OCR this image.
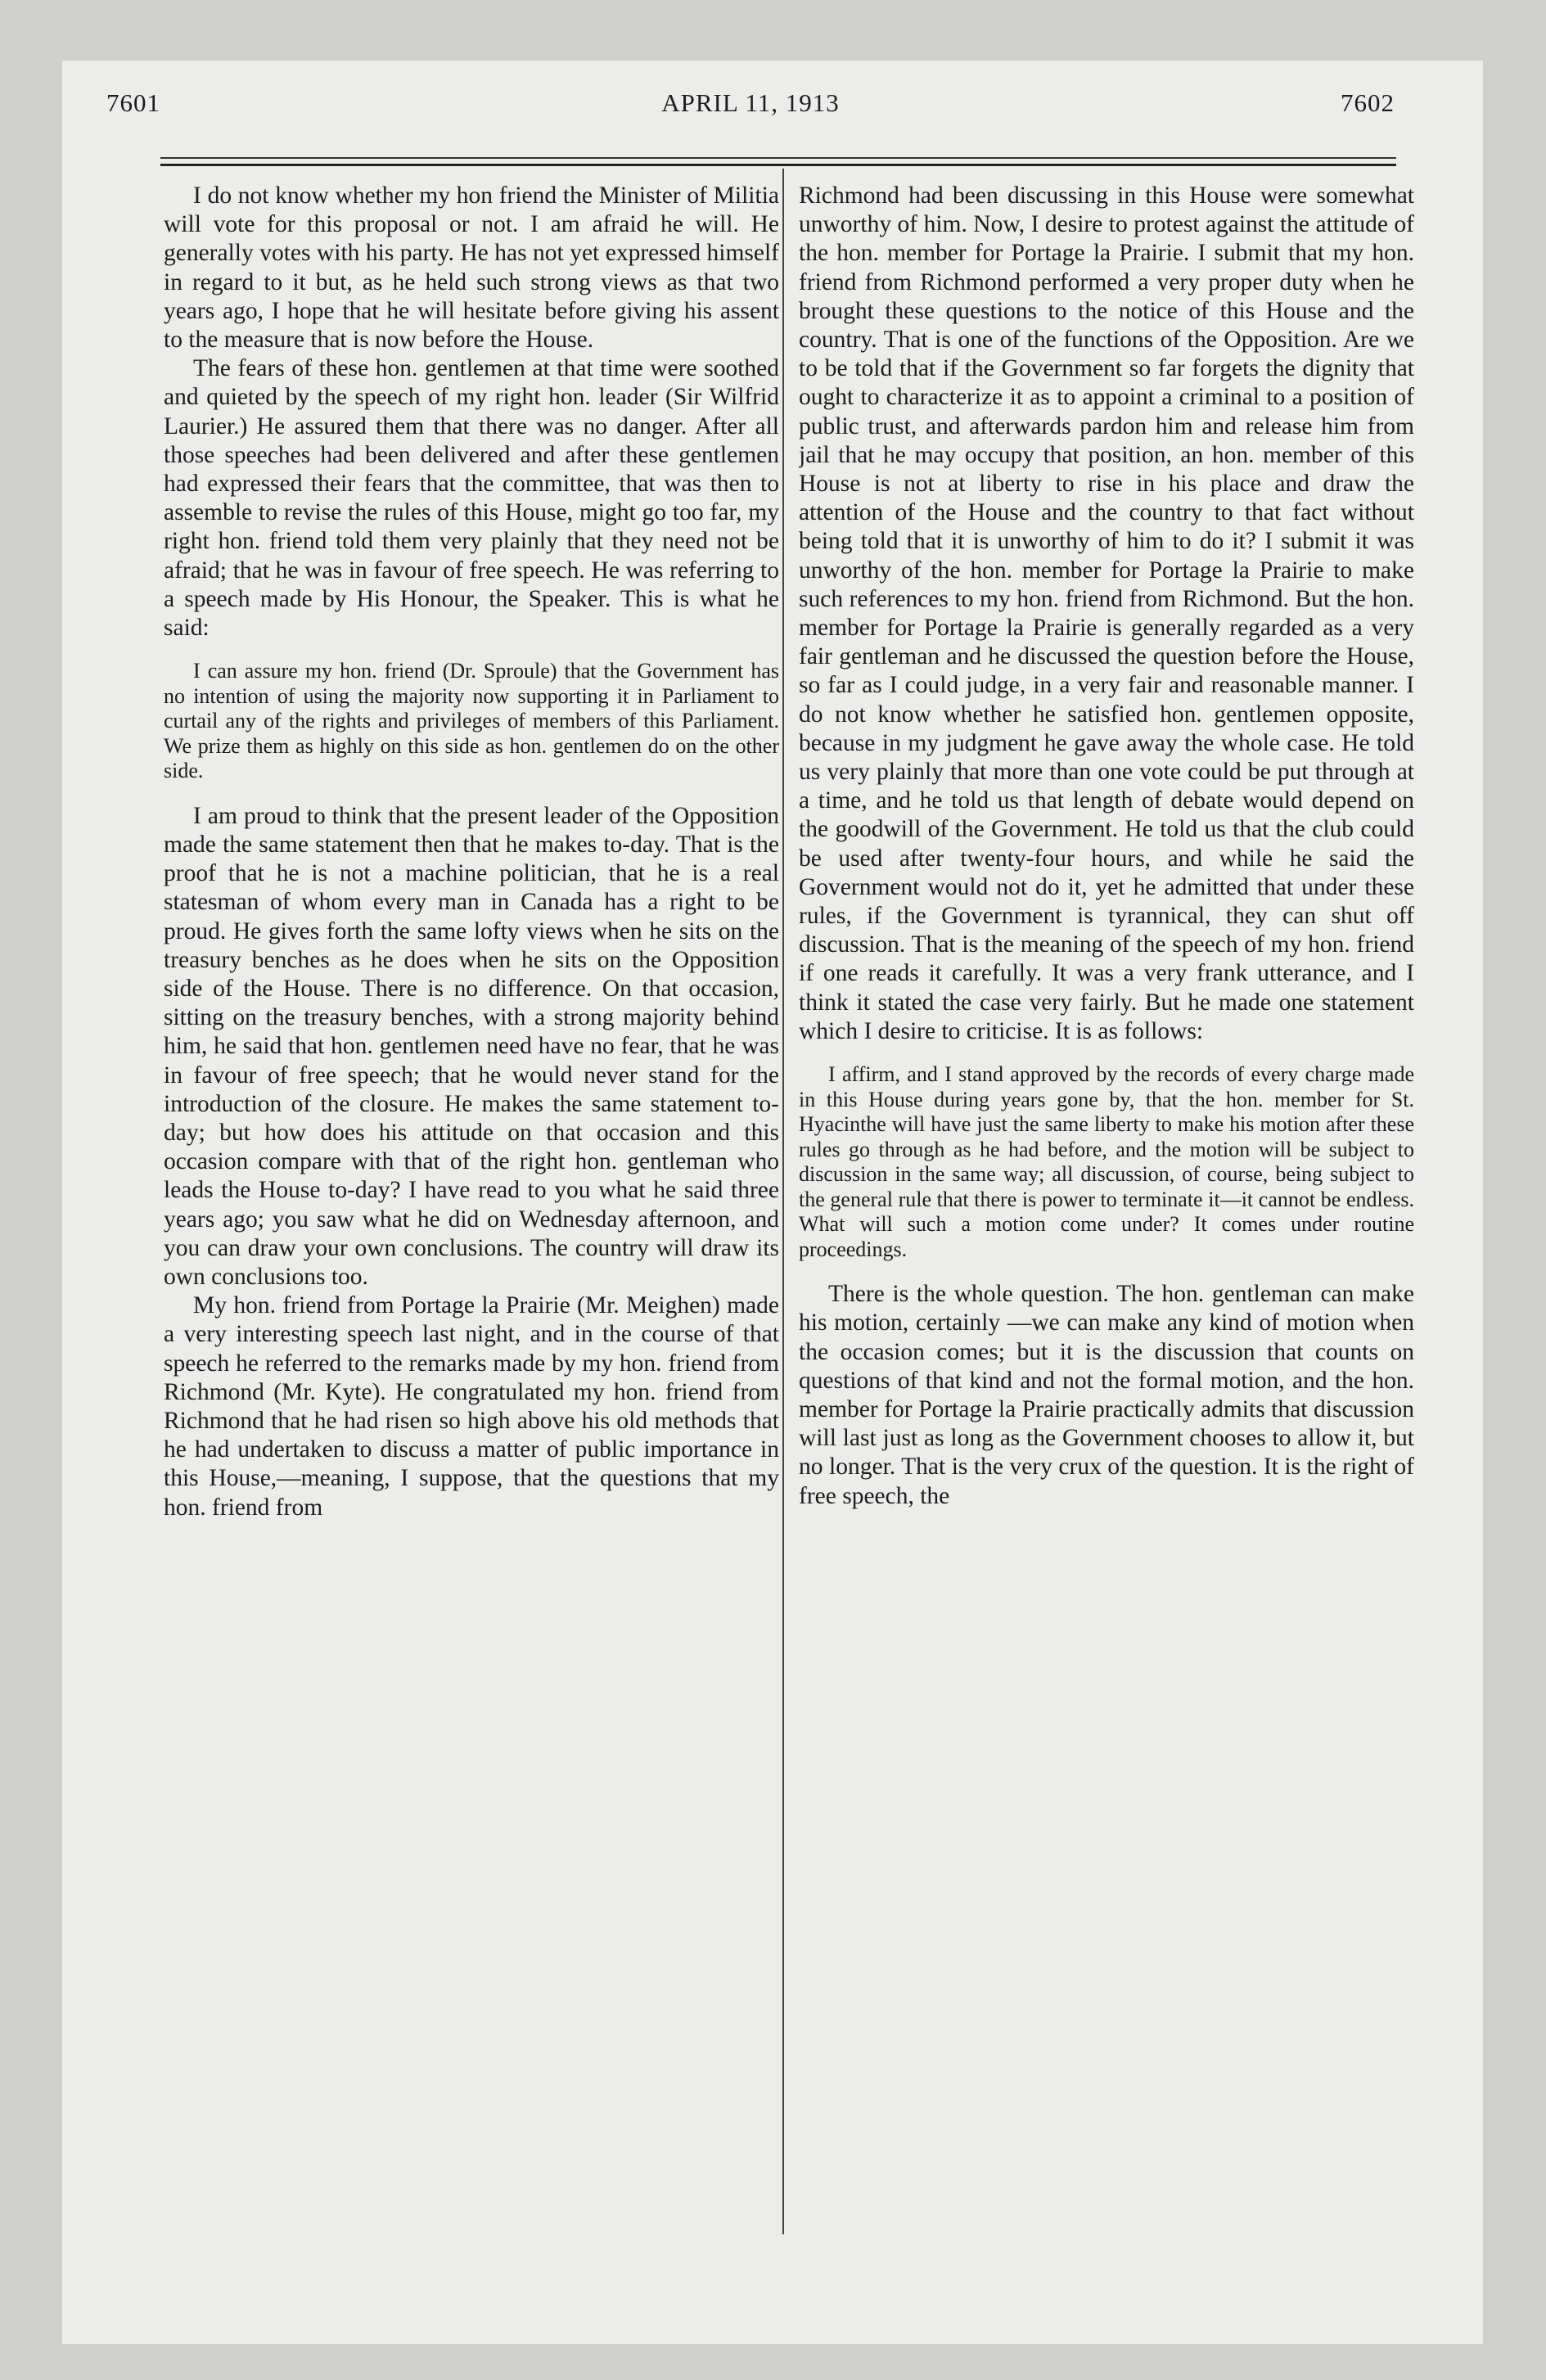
7601	APRIL 11, 1913	7602

I do not know whether my hon friend the Minister of Militia will vote for this proposal or not. I am afraid he will. He generally votes with his party. He has not yet expressed himself in regard to it but, as he held such strong views as that two years ago, I hope that he will hesitate before giving his assent to the measure that is now before the House.

The fears of these hon. gentlemen at that time were soothed and quieted by the speech of my right hon. leader (Sir Wilfrid Laurier.) He assured them that there was no danger. After all those speeches had been delivered and after these gentlemen had expressed their fears that the committee, that was then to assemble to revise the rules of this House, might go too far, my right hon. friend told them very plainly that they need not be afraid; that he was in favour of free speech. He was referring to a speech made by His Honour, the Speaker. This is what he said:

I can assure my hon. friend (Dr. Sproule) that the Government has no intention of using the majority now supporting it in Parliament to curtail any of the rights and privileges of members of this Parliament. We prize them as highly on this side as hon. gentlemen do on the other side.

I am proud to think that the present leader of the Opposition made the same statement then that he makes to-day. That is the proof that he is not a machine politician, that he is a real statesman of whom every man in Canada has a right to be proud. He gives forth the same lofty views when he sits on the treasury benches as he does when he sits on the Opposition side of the House. There is no difference. On that occasion, sitting on the treasury benches, with a strong majority behind him, he said that hon. gentlemen need have no fear, that he was in favour of free speech; that he would never stand for the introduction of the closure. He makes the same statement to-day; but how does his attitude on that occasion and this occasion compare with that of the right hon. gentleman who leads the House to-day? I have read to you what he said three years ago; you saw what he did on Wednesday afternoon, and you can draw your own conclusions. The country will draw its own conclusions too.

My hon. friend from Portage la Prairie (Mr. Meighen) made a very interesting speech last night, and in the course of that speech he referred to the remarks made by my hon. friend from Richmond (Mr. Kyte). He congratulated my hon. friend from Richmond that he had risen so high above his old methods that he had undertaken to discuss a matter of public importance in this House,—meaning, I suppose, that the questions that my hon. friend from

Richmond had been discussing in this House were somewhat unworthy of him. Now, I desire to protest against the attitude of the hon. member for Portage la Prairie. I submit that my hon. friend from Richmond performed a very proper duty when he brought these questions to the notice of this House and the country. That is one of the functions of the Opposition. Are we to be told that if the Government so far forgets the dignity that ought to characterize it as to appoint a criminal to a position of public trust, and afterwards pardon him and release him from jail that he may occupy that position, an hon. member of this House is not at liberty to rise in his place and draw the attention of the House and the country to that fact without being told that it is unworthy of him to do it? I submit it was unworthy of the hon. member for Portage la Prairie to make such references to my hon. friend from Richmond. But the hon. member for Portage la Prairie is generally regarded as a very fair gentleman and he discussed the question before the House, so far as I could judge, in a very fair and reasonable manner. I do not know whether he satisfied hon. gentlemen opposite, because in my judgment he gave away the whole case. He told us very plainly that more than one vote could be put through at a time, and he told us that length of debate would depend on the goodwill of the Government. He told us that the club could be used after twenty-four hours, and while he said the Government would not do it, yet he admitted that under these rules, if the Government is tyrannical, they can shut off discussion. That is the meaning of the speech of my hon. friend if one reads it carefully. It was a very frank utterance, and I think it stated the case very fairly. But he made one statement which I desire to criticise. It is as follows:

I affirm, and I stand approved by the records of every charge made in this House during years gone by, that the hon. member for St. Hyacinthe will have just the same liberty to make his motion after these rules go through as he had before, and the motion will be subject to discussion in the same way; all discussion, of course, being subject to the general rule that there is power to terminate it—it cannot be endless. What will such a motion come under? It comes under routine proceedings.

There is the whole question. The hon. gentleman can make his motion, certainly —we can make any kind of motion when the occasion comes; but it is the discussion that counts on questions of that kind and not the formal motion, and the hon. member for Portage la Prairie practically admits that discussion will last just as long as the Government chooses to allow it, but no longer. That is the very crux of the question. It is the right of free speech, the
